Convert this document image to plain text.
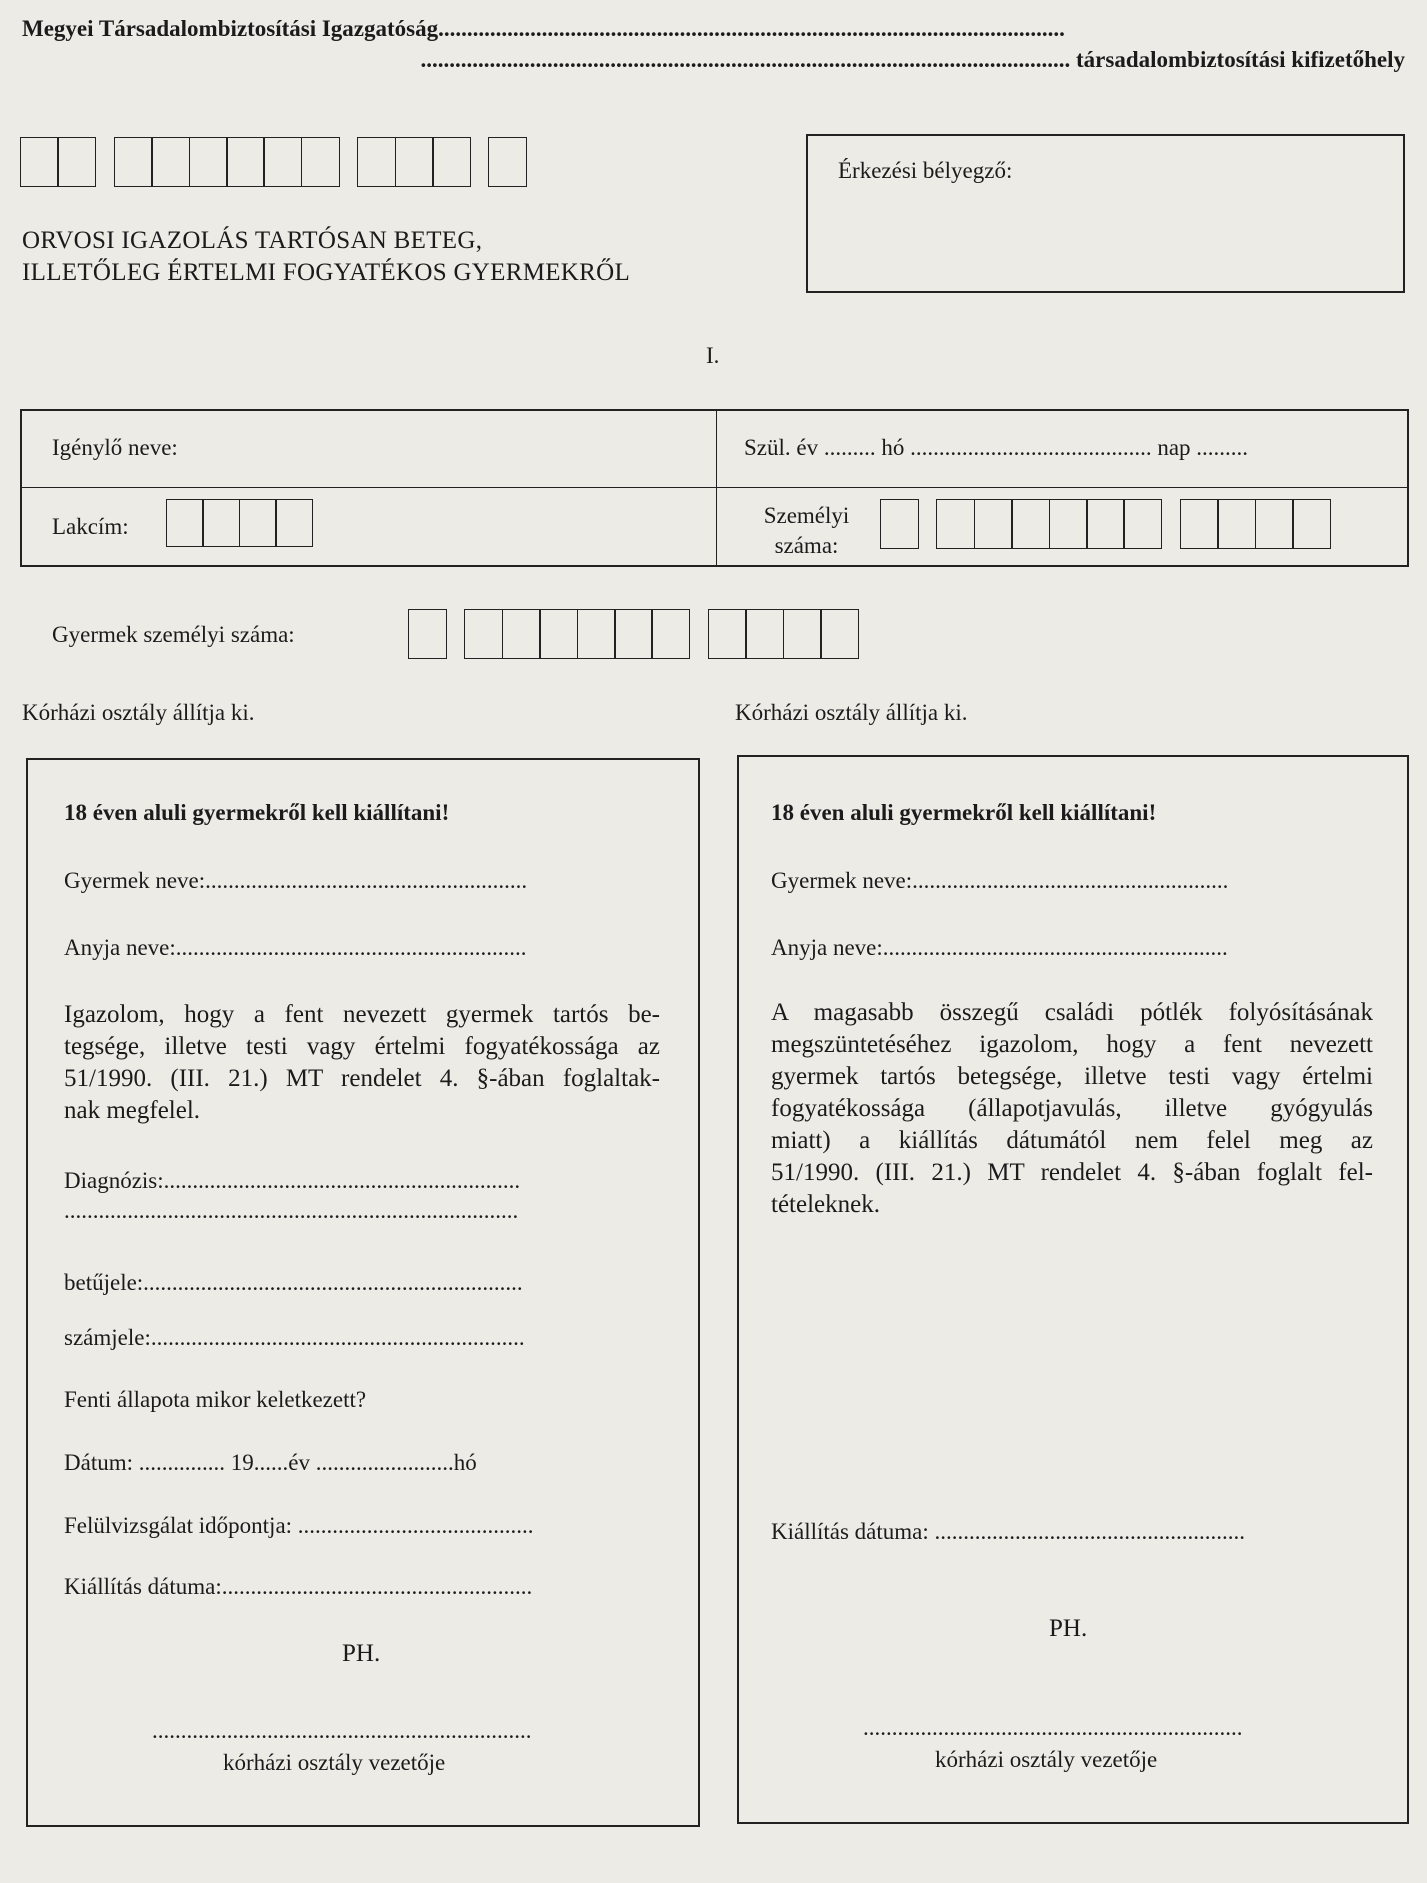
Megyei Társadalombiztosítási Igazgatóság.............................................................................................................
................................................................................................................. társadalombiztosítási kifizetőhely
ORVOSI IGAZOLÁS TARTÓSAN BETEG,
ILLETŐLEG ÉRTELMI FOGYATÉKOS GYERMEKRŐL
Érkezési bélyegző:
I.
Igénylő neve:	Szül. év ......... hó .......................................... nap .........
Lakcím:	Személyi
száma:
Gyermek személyi száma:
Kórházi osztály állítja ki.	Kórházi osztály állítja ki.
18 éven aluli gyermekről kell kiállítani!
Gyermek neve:........................................................
Anyja neve:.............................................................
Igazolom, hogy a fent nevezett gyermek tartós be-
tegsége, illetve testi vagy értelmi fogyatékossága az
51/1990. (III. 21.) MT rendelet 4. §-ában foglaltak-
nak megfelel.
Diagnózis:..............................................................
...............................................................................
betűjele:..................................................................
számjele:.................................................................
Fenti állapota mikor keletkezett?
Dátum: ............... 19......év ........................hó
Felülvizsgálat időpontja: .........................................
Kiállítás dátuma:......................................................
PH.
..................................................................
kórházi osztály vezetője
18 éven aluli gyermekről kell kiállítani!
Gyermek neve:.......................................................
Anyja neve:............................................................
A magasabb összegű családi pótlék folyósításának
megszüntetéséhez igazolom, hogy a fent nevezett
gyermek tartós betegsége, illetve testi vagy értelmi
fogyatékossága (állapotjavulás, illetve gyógyulás
miatt) a kiállítás dátumától nem felel meg az
51/1990. (III. 21.) MT rendelet 4. §-ában foglalt fel-
tételeknek.
Kiállítás dátuma: ......................................................
PH.
..................................................................
kórházi osztály vezetője
